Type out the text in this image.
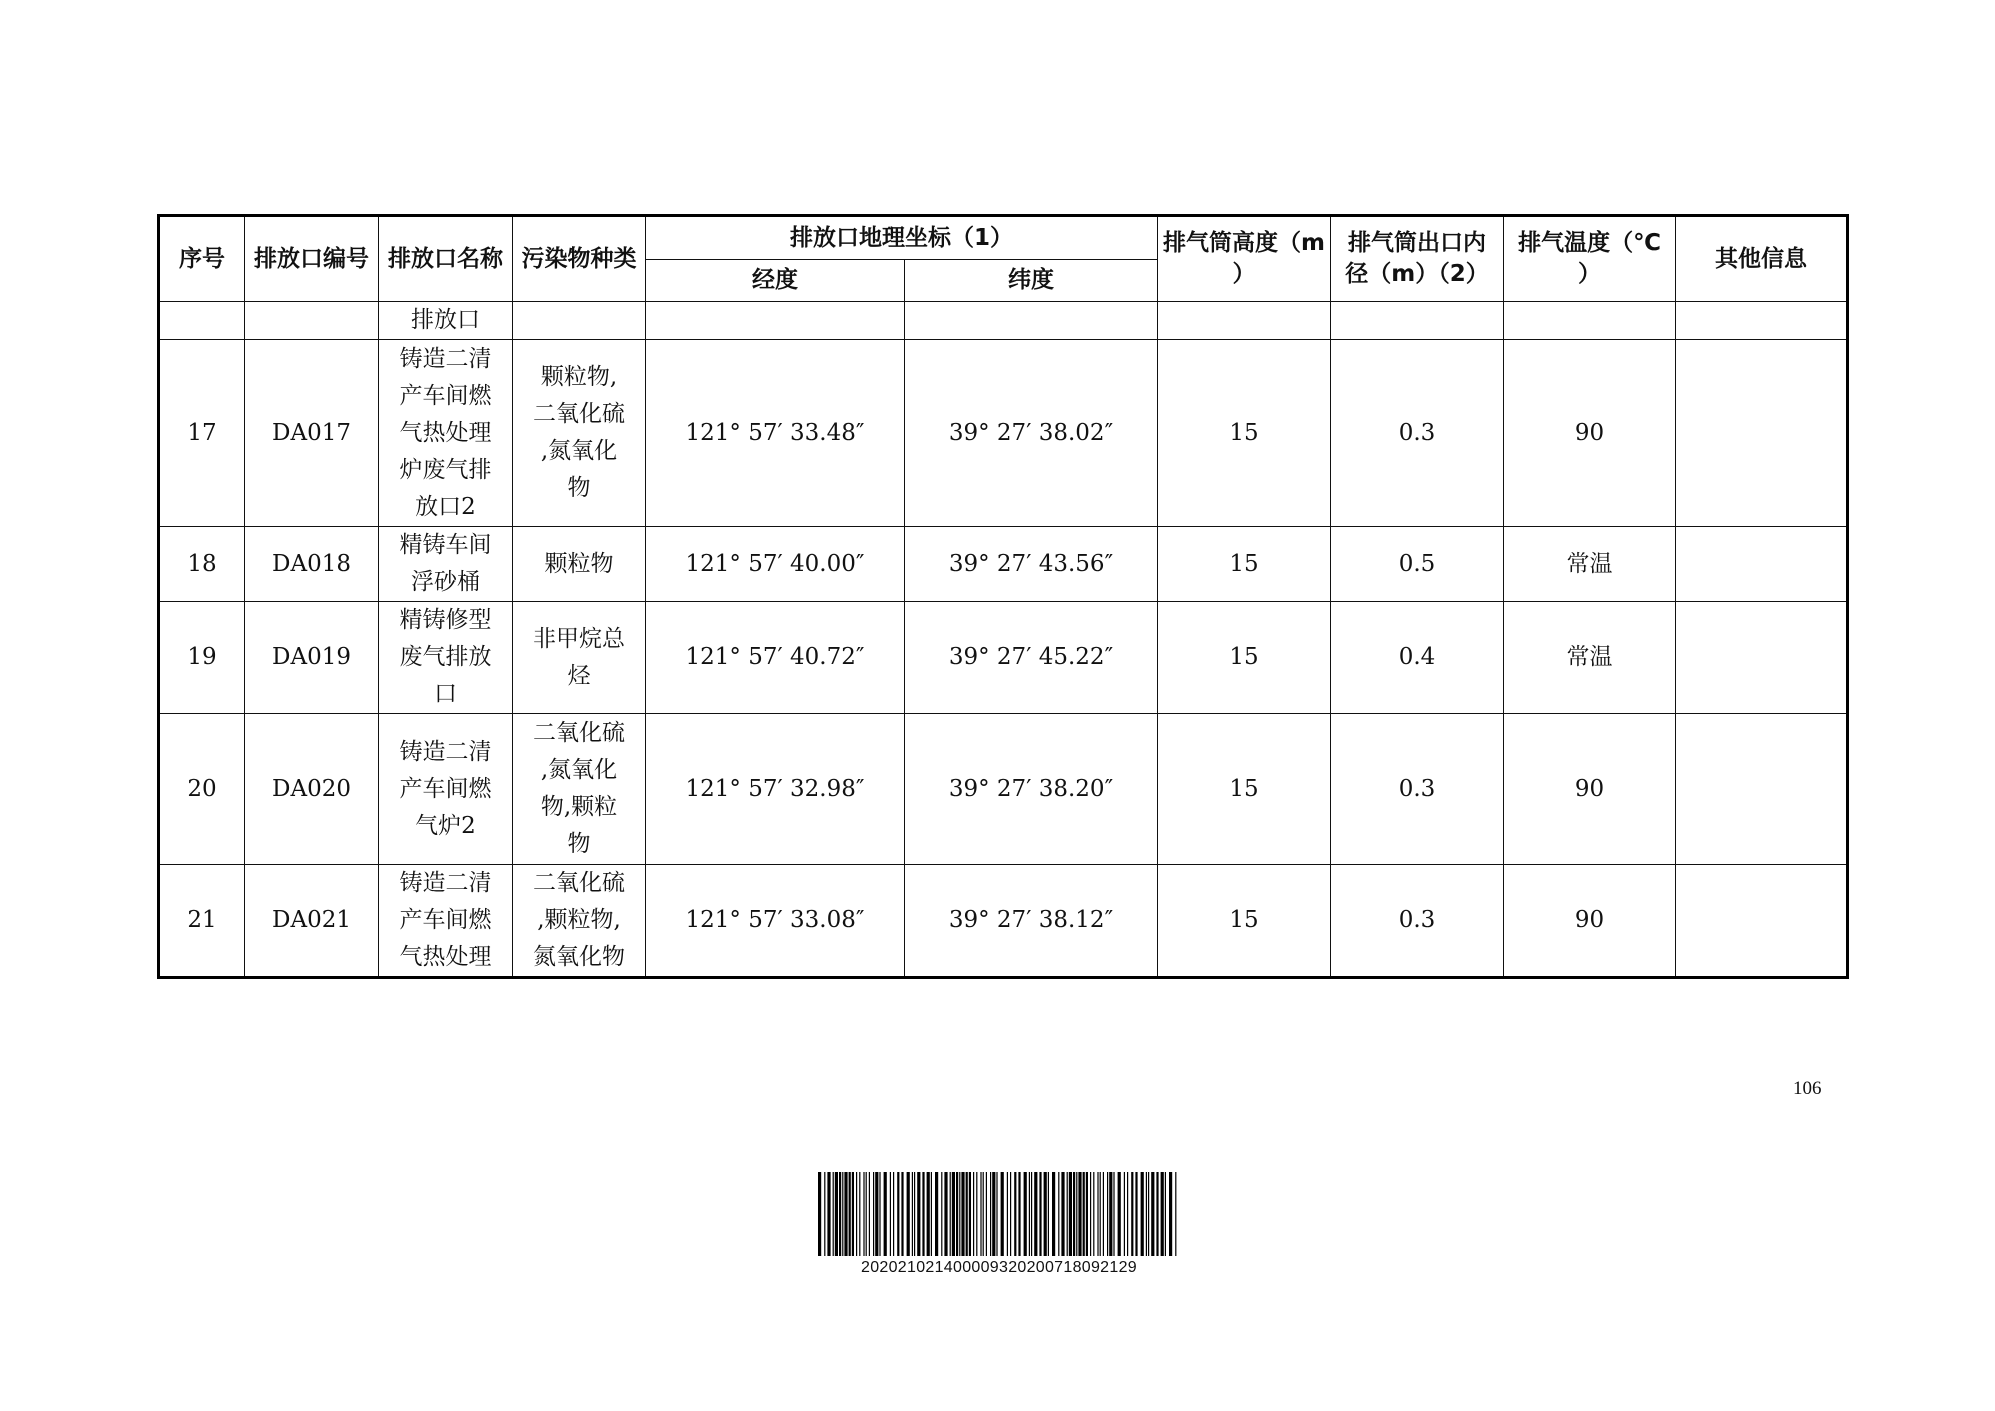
序号	排放口编号	排放口名称	污染物种类	排放口地理坐标（1）		排气筒高度（m
）	排气筒出口内
径（m）（2）	排气温度（℃
）	其他信息
				经度	纬度				
		排放口							
17	DA017	铸造二清
产车间燃
气热处理
炉废气排
放口2	颗粒物,
二氧化硫
,氮氧化
物	121° 57′ 33.48″	39° 27′ 38.02″	15	0.3	90	
18	DA018	精铸车间
浮砂桶	颗粒物	121° 57′ 40.00″	39° 27′ 43.56″	15	0.5	常温	
19	DA019	精铸修型
废气排放
口	非甲烷总
烃	121° 57′ 40.72″	39° 27′ 45.22″	15	0.4	常温	
20	DA020	铸造二清
产车间燃
气炉2	二氧化硫
,氮氧化
物,颗粒
物	121° 57′ 32.98″	39° 27′ 38.20″	15	0.3	90	
21	DA021	铸造二清
产车间燃
气热处理	二氧化硫
,颗粒物,
氮氧化物	121° 57′ 33.08″	39° 27′ 38.12″	15	0.3	90	
106
202021021400009320200718092129
